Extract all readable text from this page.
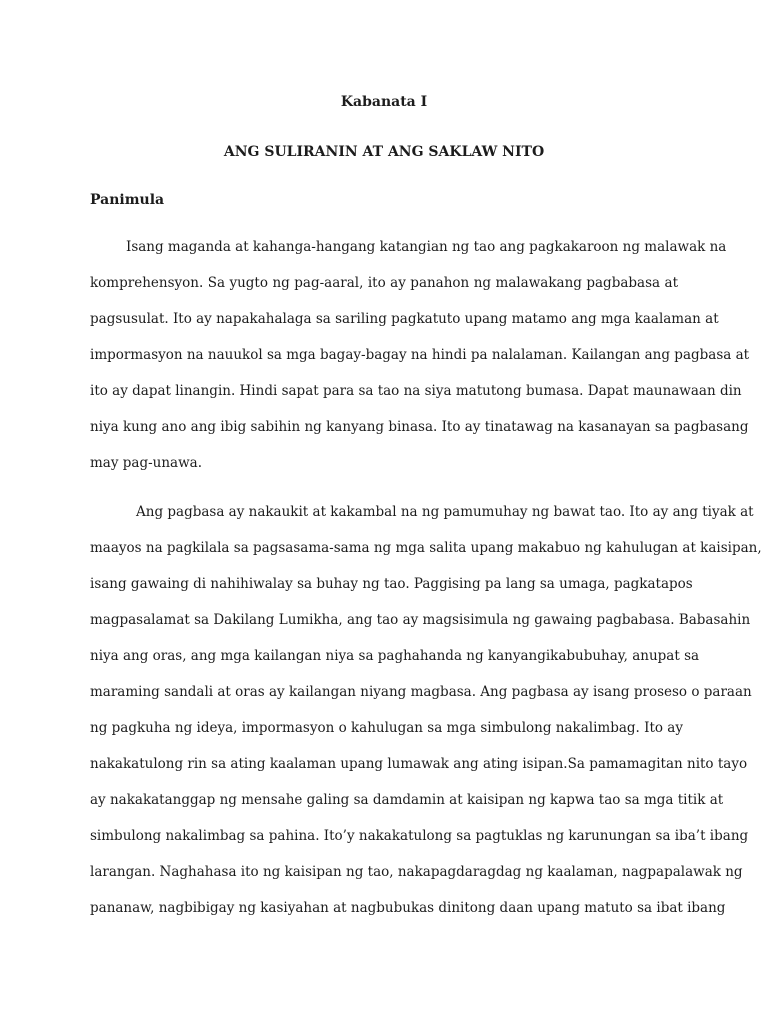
Kabanata I
ANG SULIRANIN AT ANG SAKLAW NITO
Panimula
Isang maganda at kahanga-hangang katangian ng tao ang pagkakaroon ng malawak na
komprehensyon. Sa yugto ng pag-aaral, ito ay panahon ng malawakang pagbabasa at
pagsusulat. Ito ay napakahalaga sa sariling pagkatuto upang matamo ang mga kaalaman at
impormasyon na nauukol sa mga bagay-bagay na hindi pa nalalaman. Kailangan ang pagbasa at
ito ay dapat linangin. Hindi sapat para sa tao na siya matutong bumasa. Dapat maunawaan din
niya kung ano ang ibig sabihin ng kanyang binasa. Ito ay tinatawag na kasanayan sa pagbasang
may pag-unawa.
Ang pagbasa ay nakaukit at kakambal na ng pamumuhay ng bawat tao. Ito ay ang tiyak at
maayos na pagkilala sa pagsasama-sama ng mga salita upang makabuo ng kahulugan at kaisipan,
isang gawaing di nahihiwalay sa buhay ng tao. Paggising pa lang sa umaga, pagkatapos
magpasalamat sa Dakilang Lumikha, ang tao ay magsisimula ng gawaing pagbabasa. Babasahin
niya ang oras, ang mga kailangan niya sa paghahanda ng kanyangikabubuhay, anupat sa
maraming sandali at oras ay kailangan niyang magbasa. Ang pagbasa ay isang proseso o paraan
ng pagkuha ng ideya, impormasyon o kahulugan sa mga simbulong nakalimbag. Ito ay
nakakatulong rin sa ating kaalaman upang lumawak ang ating isipan.Sa pamamagitan nito tayo
ay nakakatanggap ng mensahe galing sa damdamin at kaisipan ng kapwa tao sa mga titik at
simbulong nakalimbag sa pahina. Ito’y nakakatulong sa pagtuklas ng karunungan sa iba’t ibang
larangan. Naghahasa ito ng kaisipan ng tao, nakapagdaragdag ng kaalaman, nagpapalawak ng
pananaw, nagbibigay ng kasiyahan at nagbubukas dinitong daan upang matuto sa ibat ibang
